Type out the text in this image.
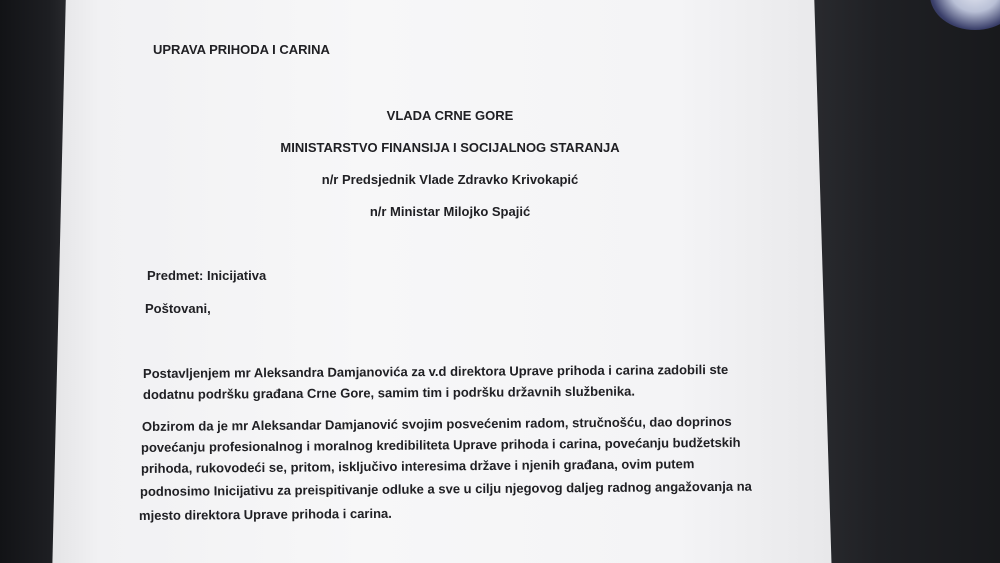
UPRAVA PRIHODA I CARINA
VLADA CRNE GORE
MINISTARSTVO FINANSIJA I SOCIJALNOG STARANJA
n/r Predsjednik Vlade Zdravko Krivokapić
n/r Ministar Milojko Spajić
Predmet: Inicijativa
Poštovani,
Postavljenjem mr Aleksandra Damjanovića za v.d direktora Uprave prihoda i carina zadobili ste
dodatnu podršku građana Crne Gore, samim tim i podršku državnih službenika.
Obzirom da je mr Aleksandar Damjanović svojim posvećenim radom, stručnošću, dao doprinos
povećanju profesionalnog i moralnog kredibiliteta Uprave prihoda i carina, povećanju budžetskih
prihoda, rukovodeći se, pritom, isključivo interesima države i njenih građana, ovim putem
podnosimo Inicijativu za preispitivanje odluke a sve u cilju njegovog daljeg radnog angažovanja na
mjesto direktora Uprave prihoda i carina.
